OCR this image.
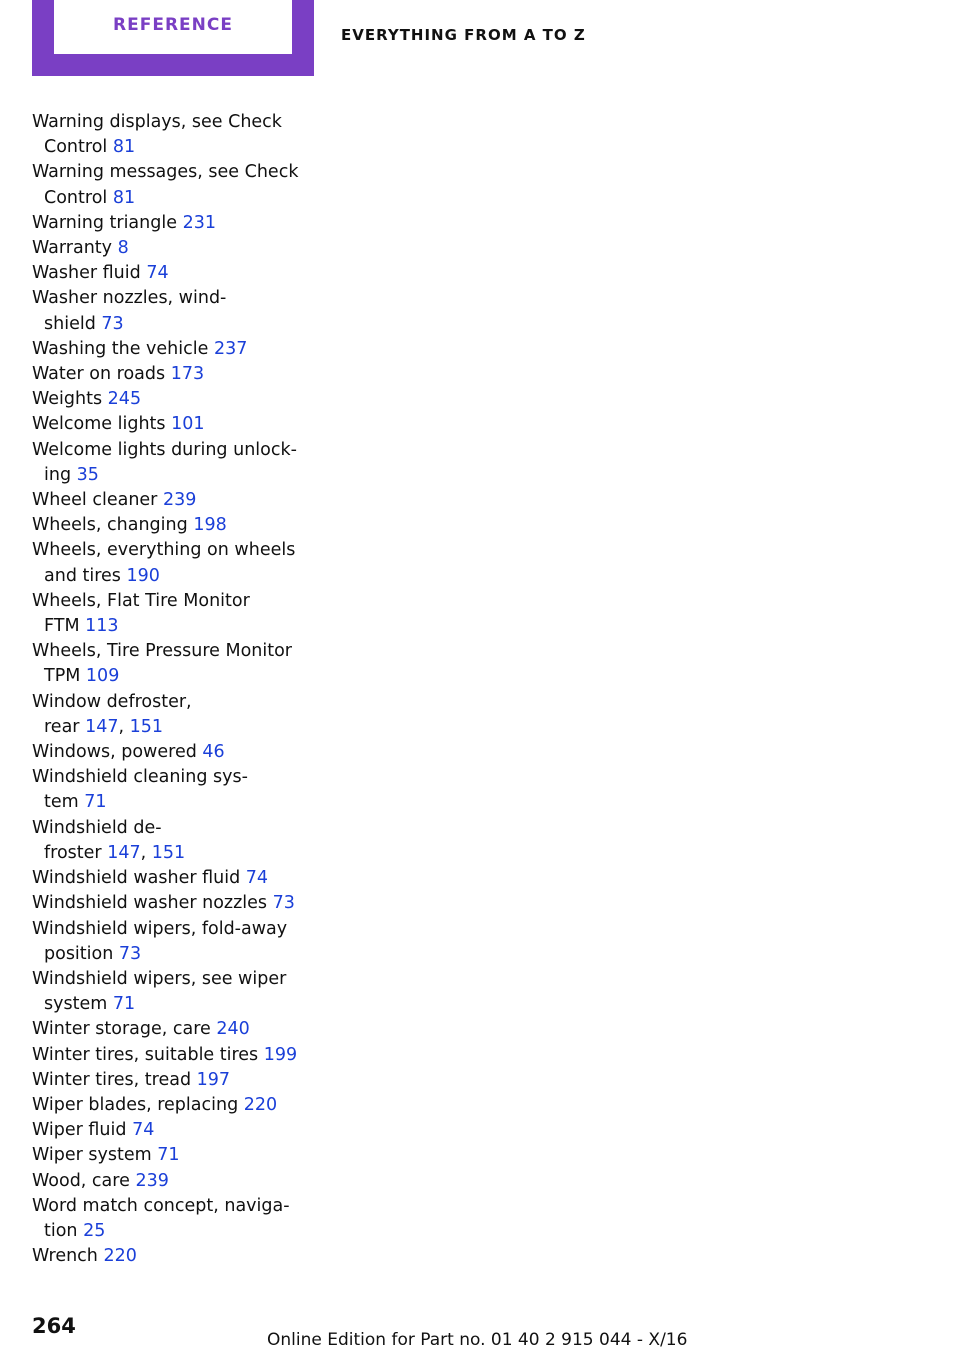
REFERENCE	EVERYTHING FROM A TO Z
Warning displays, see Check
Control 81
Warning messages, see Check
Control 81
Warning triangle 231
Warranty 8
Washer fluid 74
Washer nozzles, wind-
shield 73
Washing the vehicle 237
Water on roads 173
Weights 245
Welcome lights 101
Welcome lights during unlock-
ing 35
Wheel cleaner 239
Wheels, changing 198
Wheels, everything on wheels
and tires 190
Wheels, Flat Tire Monitor
FTM 113
Wheels, Tire Pressure Monitor
TPM 109
Window defroster,
rear 147, 151
Windows, powered 46
Windshield cleaning sys-
tem 71
Windshield de-
froster 147, 151
Windshield washer fluid 74
Windshield washer nozzles 73
Windshield wipers, fold-away
position 73
Windshield wipers, see wiper
system 71
Winter storage, care 240
Winter tires, suitable tires 199
Winter tires, tread 197
Wiper blades, replacing 220
Wiper fluid 74
Wiper system 71
Wood, care 239
Word match concept, naviga-
tion 25
Wrench 220
264
Online Edition for Part no. 01 40 2 915 044 - X/16
